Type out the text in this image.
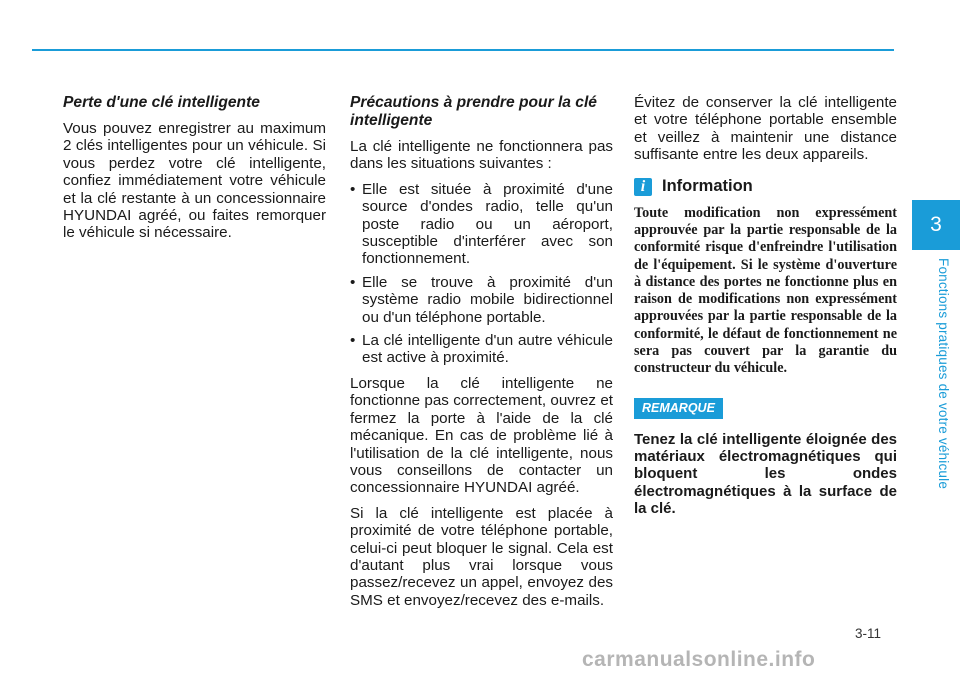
Perte d'une clé intelligente

Vous pouvez enregistrer au maximum 2 clés intelligentes pour un véhicule. Si vous perdez votre clé intelligente, confiez immédiatement votre véhicule et la clé restante à un concessionnaire HYUNDAI agréé, ou faites remorquer le véhicule si nécessaire.

Précautions à prendre pour la clé intelligente

La clé intelligente ne fonctionnera pas dans les situations suivantes :

• Elle est située à proximité d'une source d'ondes radio, telle qu'un poste radio ou un aéroport, susceptible d'interférer avec son fonctionnement.
• Elle se trouve à proximité d'un système radio mobile bidirectionnel ou d'un téléphone portable.
• La clé intelligente d'un autre véhicule est active à proximité.

Lorsque la clé intelligente ne fonctionne pas correctement, ouvrez et fermez la porte à l'aide de la clé mécanique. En cas de problème lié à l'utilisation de la clé intelligente, nous vous conseillons de contacter un concessionnaire HYUNDAI agréé.

Si la clé intelligente est placée à proximité de votre téléphone portable, celui-ci peut bloquer le signal. Cela est d'autant plus vrai lorsque vous passez/recevez un appel, envoyez des SMS et envoyez/recevez des e-mails.

Évitez de conserver la clé intelligente et votre téléphone portable ensemble et veillez à maintenir une distance suffisante entre les deux appareils.

i	Information

Toute modification non expressément approuvée par la partie responsable de la conformité risque d'enfreindre l'utilisation de l'équipement. Si le système d'ouverture à distance des portes ne fonctionne plus en raison de modifications non expressément approuvées par la partie responsable de la conformité, le défaut de fonctionnement ne sera pas couvert par la garantie du constructeur du véhicule.

REMARQUE

Tenez la clé intelligente éloignée des matériaux électromagnétiques qui bloquent les ondes électromagnétiques à la surface de la clé.

3
Fonctions pratiques de votre véhicule
3-11
carmanualsonline.info
